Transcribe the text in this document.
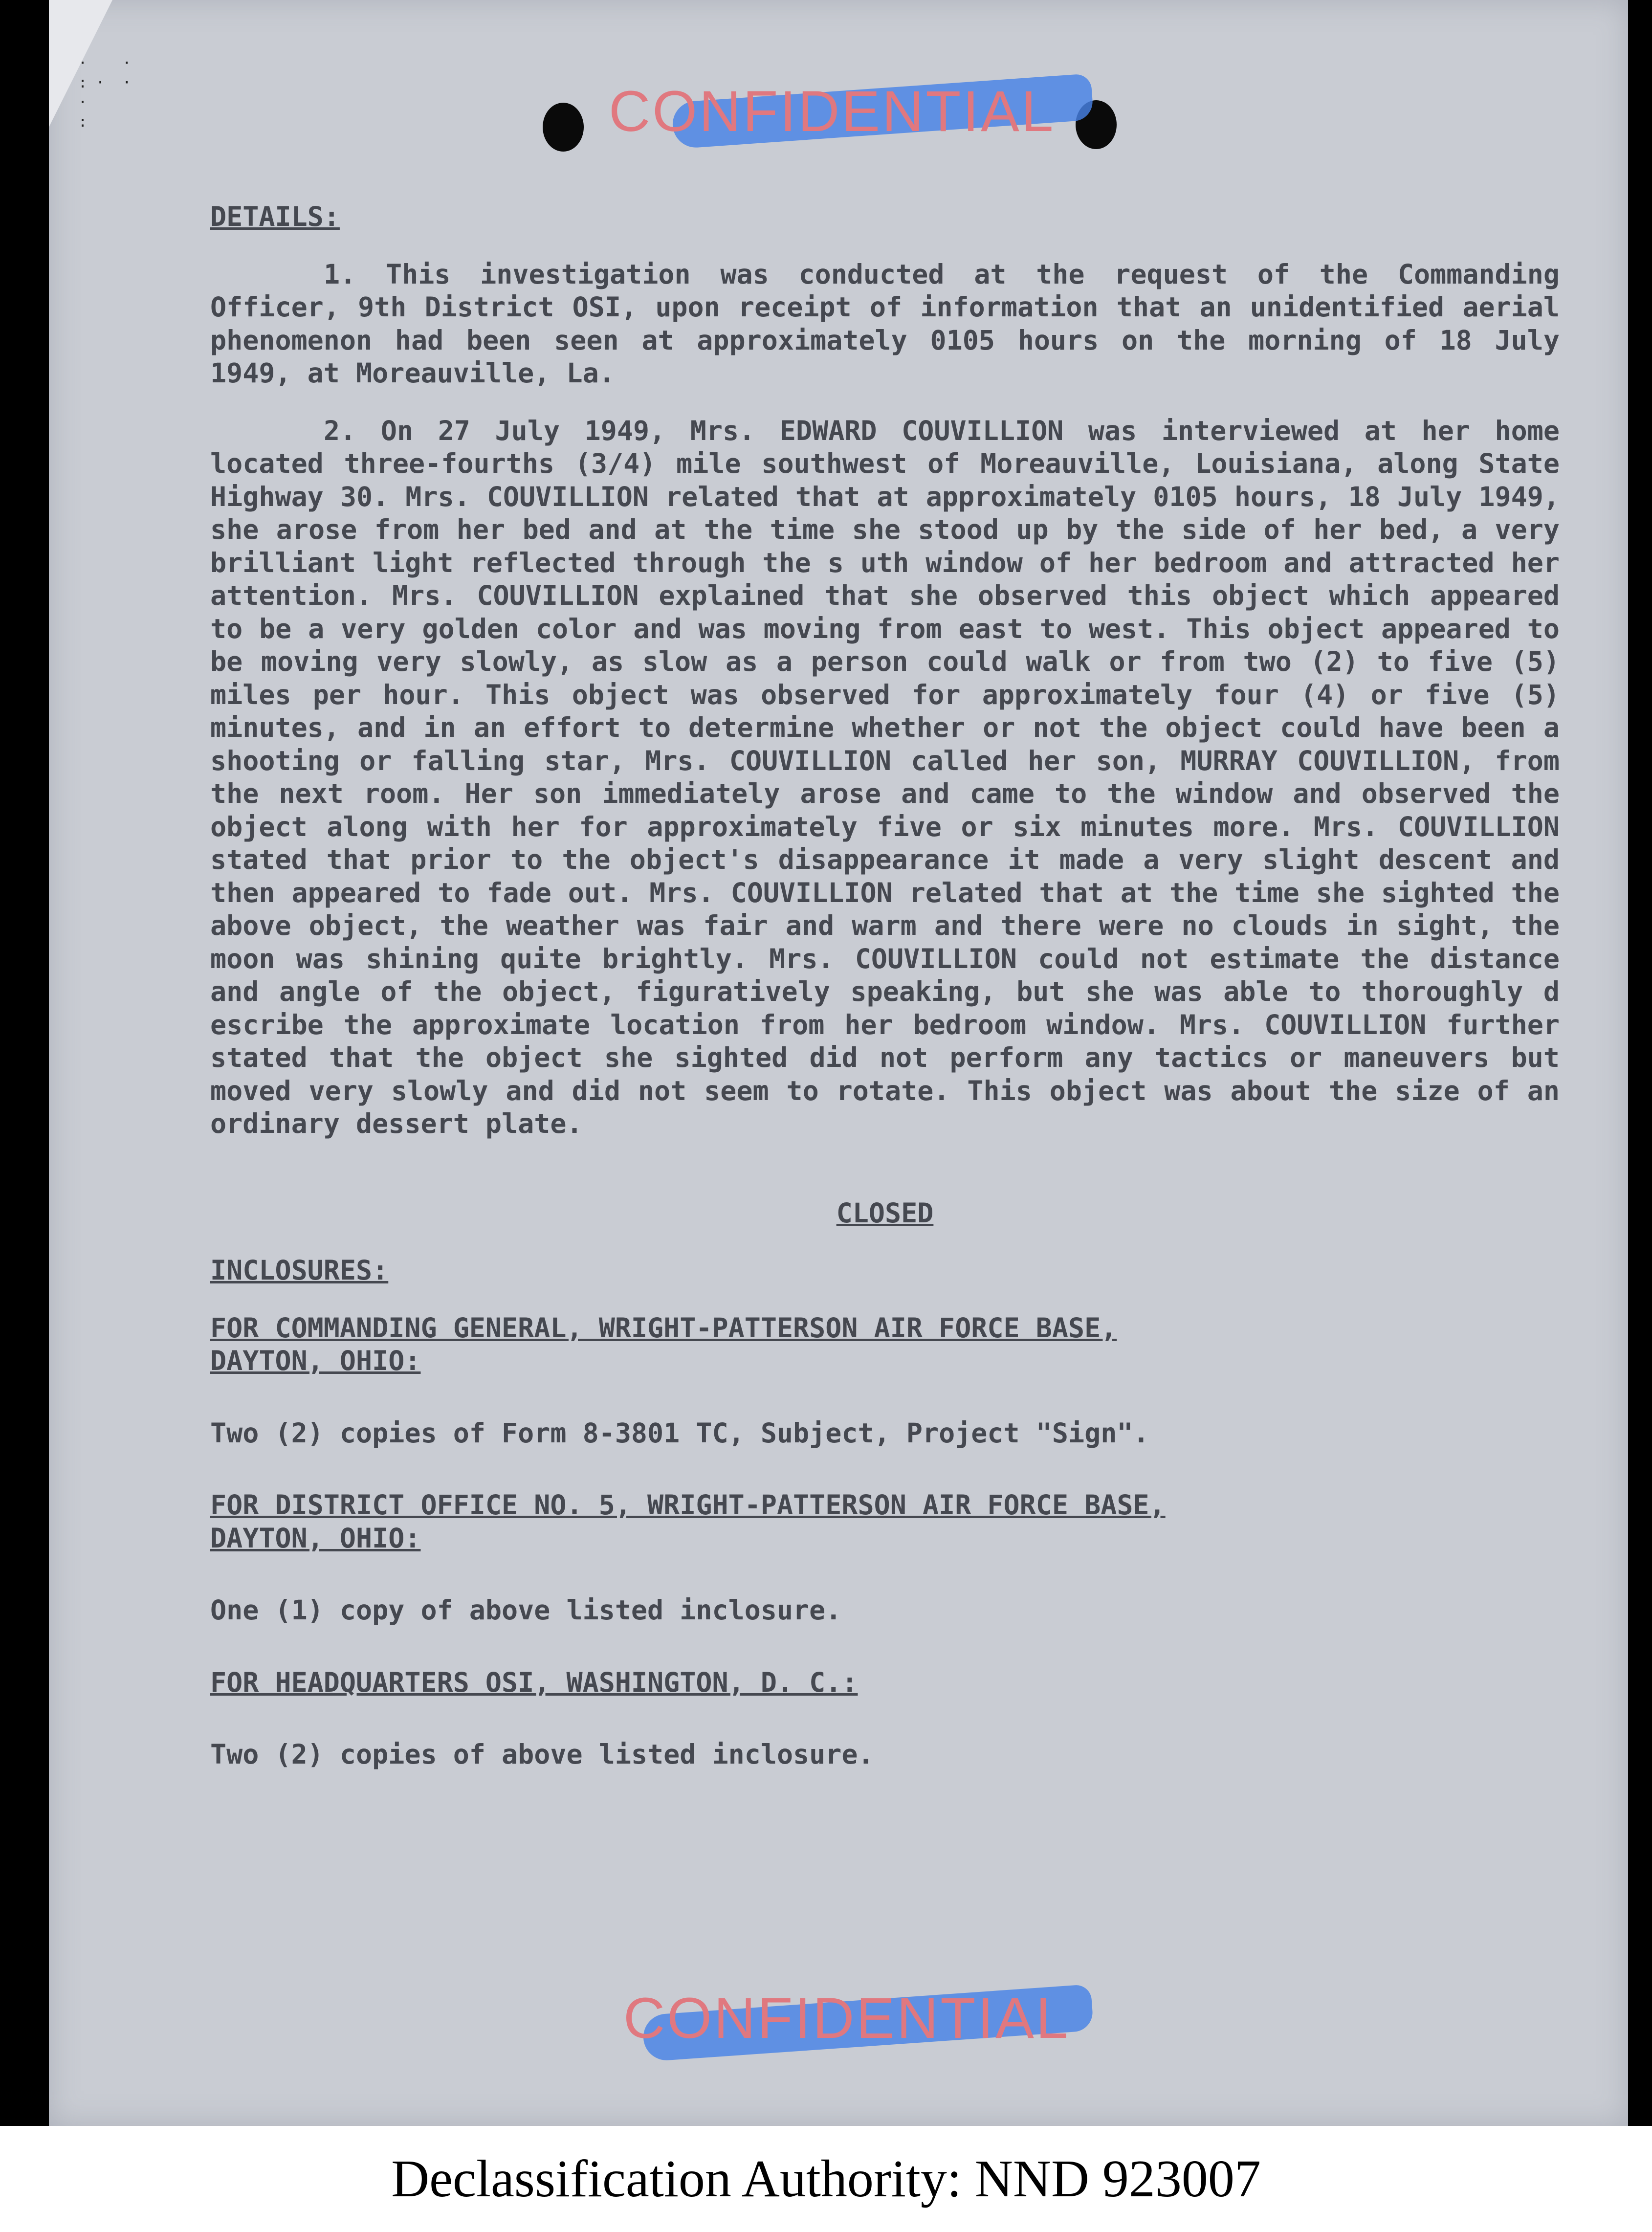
·    ·
: ·  ·
·
:	CONFIDENTIAL

DETAILS:

1. This investigation was conducted at the request of the Commanding Officer, 9th District OSI, upon receipt of information that an unidentified aerial phenomenon had been seen at approximately 0105 hours on the morning of 18 July 1949, at Moreauville, La.

2. On 27 July 1949, Mrs. EDWARD COUVILLION was interviewed at her home located three-fourths (3/4) mile southwest of Moreauville, Louisiana, along State Highway 30. Mrs. COUVILLION related that at approximately 0105 hours, 18 July 1949, she arose from her bed and at the time she stood up by the side of her bed, a very brilliant light reflected through the s uth window of her bedroom and attracted her attention. Mrs. COUVILLION explained that she observed this object which appeared to be a very golden color and was moving from east to west. This object appeared to be moving very slowly, as slow as a person could walk or from two (2) to five (5) miles per hour. This object was observed for approximately four (4) or five (5) minutes, and in an effort to determine whether or not the object could have been a shooting or falling star, Mrs. COUVILLION called her son, MURRAY COUVILLION, from the next room. Her son immediately arose and came to the window and observed the object along with her for approximately five or six minutes more. Mrs. COUVILLION stated that prior to the object's disappearance it made a very slight descent and then appeared to fade out. Mrs. COUVILLION related that at the time she sighted the above object, the weather was fair and warm and there were no clouds in sight, the moon was shining quite brightly. Mrs. COUVILLION could not estimate the distance and angle of the object, figuratively speaking, but she was able to thoroughly d escribe the approximate location from her bedroom window. Mrs. COUVILLION further stated that the object she sighted did not perform any tactics or maneuvers but moved very slowly and did not seem to rotate. This object was about the size of an ordinary dessert plate.

CLOSED

INCLOSURES:

FOR COMMANDING GENERAL, WRIGHT-PATTERSON AIR FORCE BASE,

DAYTON, OHIO:

Two (2) copies of Form 8-3801 TC, Subject, Project "Sign".

FOR DISTRICT OFFICE NO. 5, WRIGHT-PATTERSON AIR FORCE BASE,

DAYTON, OHIO:

One (1) copy of above listed inclosure.

FOR HEADQUARTERS OSI, WASHINGTON, D. C.:

Two (2) copies of above listed inclosure.

CONFIDENTIAL
Declassification Authority: NND 923007
